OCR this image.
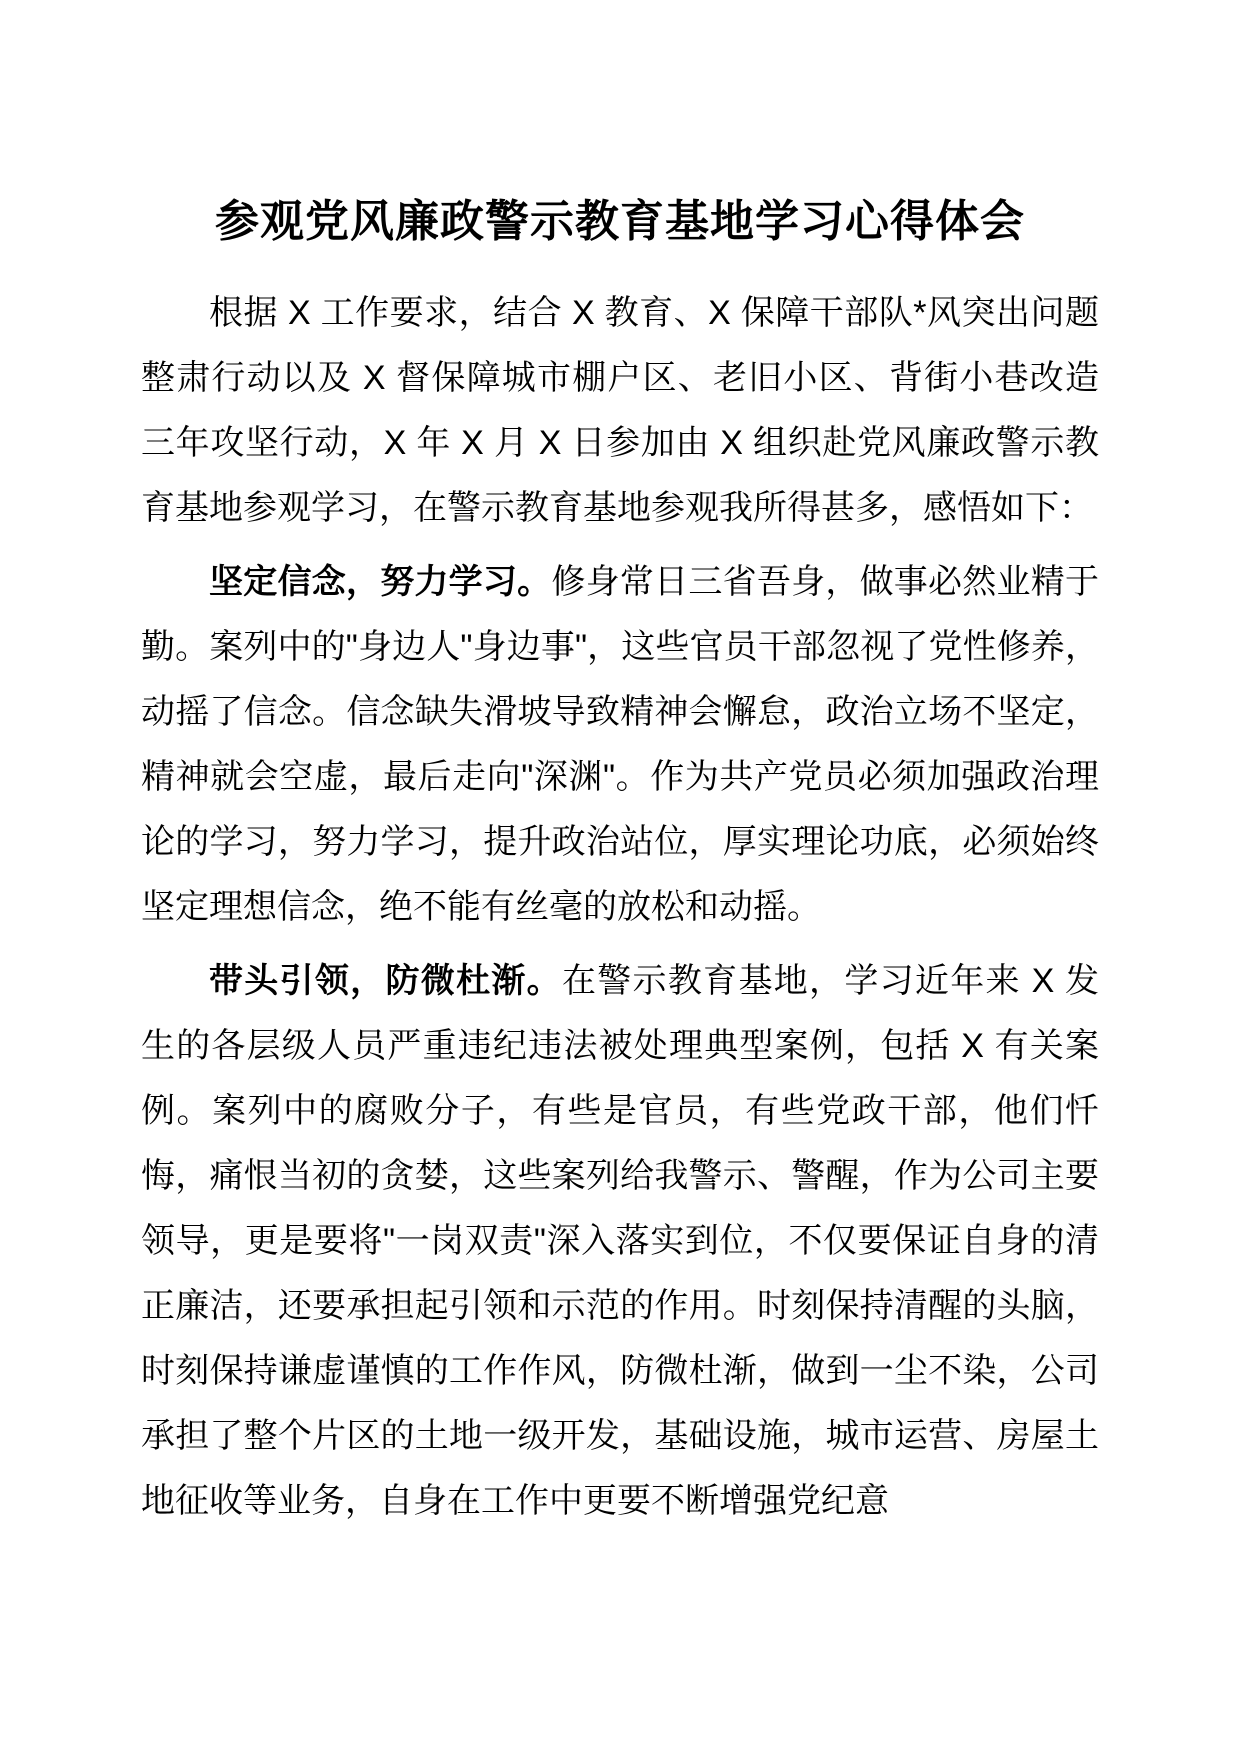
参观党风廉政警示教育基地学习心得体会

根据 X 工作要求，结合 X 教育、X 保障干部队*风突出问题整肃行动以及 X 督保障城市棚户区、老旧小区、背街小巷改造三年攻坚行动，X 年 X 月 X 日参加由 X 组织赴党风廉政警示教育基地参观学习，在警示教育基地参观我所得甚多，感悟如下：

坚定信念，努力学习。修身常日三省吾身，做事必然业精于勤。案列中的"身边人"身边事"，这些官员干部忽视了党性修养，动摇了信念。信念缺失滑坡导致精神会懈怠，政治立场不坚定，精神就会空虚，最后走向"深渊"。作为共产党员必须加强政治理论的学习，努力学习，提升政治站位，厚实理论功底，必须始终坚定理想信念，绝不能有丝毫的放松和动摇。

带头引领，防微杜渐。在警示教育基地，学习近年来 X 发生的各层级人员严重违纪违法被处理典型案例，包括 X 有关案例。案列中的腐败分子，有些是官员，有些党政干部，他们忏悔，痛恨当初的贪婪，这些案列给我警示、警醒，作为公司主要领导，更是要将"一岗双责"深入落实到位，不仅要保证自身的清正廉洁，还要承担起引领和示范的作用。时刻保持清醒的头脑，时刻保持谦虚谨慎的工作作风，防微杜渐，做到一尘不染，公司承担了整个片区的土地一级开发，基础设施，城市运营、房屋土地征收等业务，自身在工作中更要不断增强党纪意
